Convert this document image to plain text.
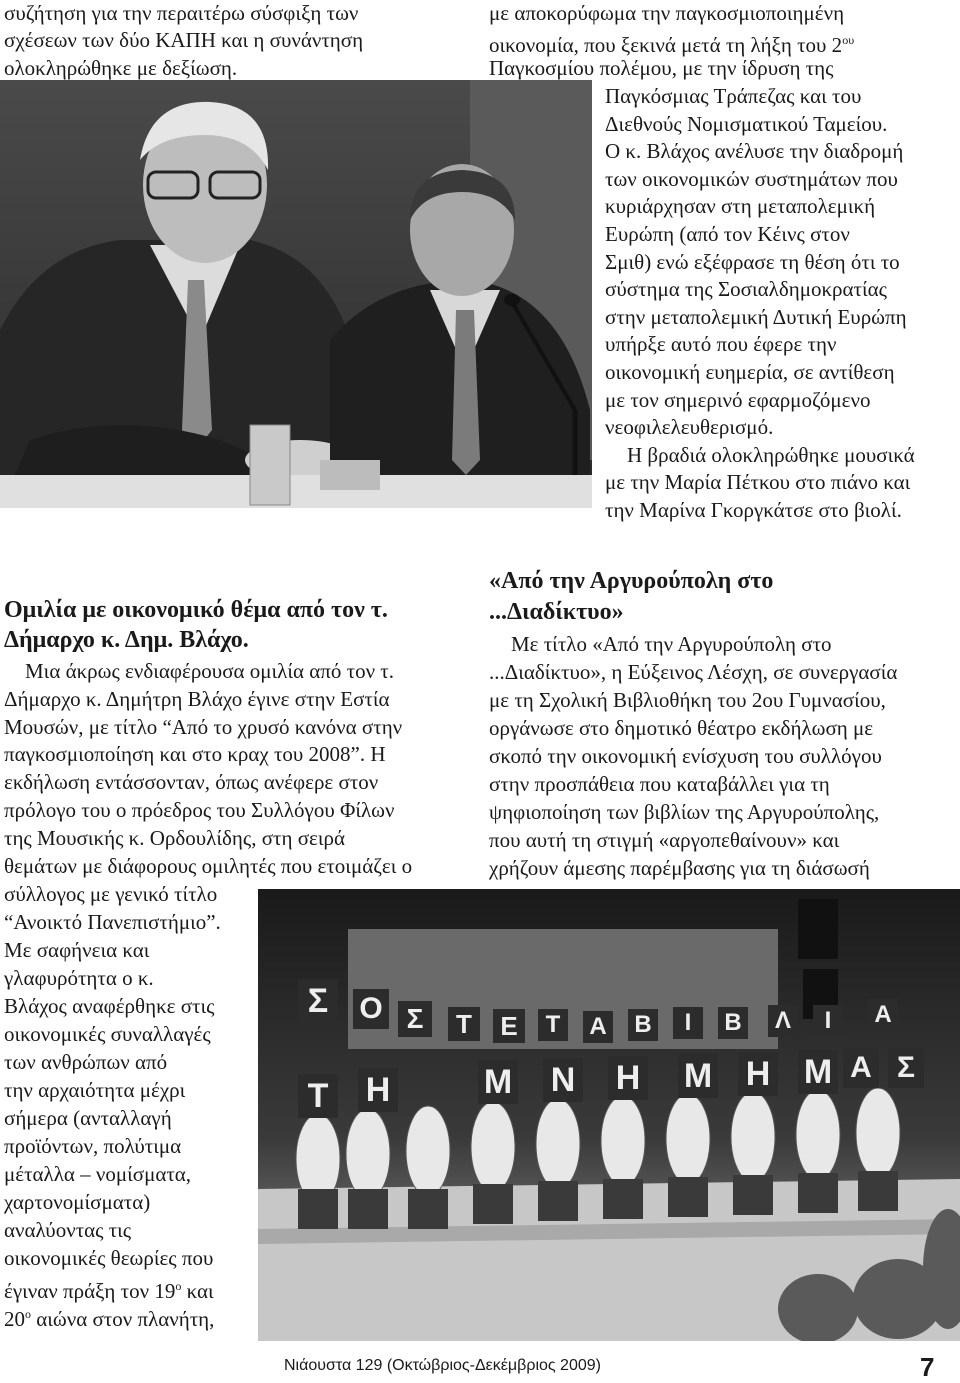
συζήτηση για την περαιτέρω σύσφιξη των
σχέσεων των δύο ΚΑΠΗ και η συνάντηση
ολοκληρώθηκε με δεξίωση.
με αποκορύφωμα την παγκοσμιοποιημένη
οικονομία, που ξεκινά μετά τη λήξη του $2^{o\upsilon}$
Παγκοσμίου πολέμου, με την ίδρυση της
Παγκόσμιας Τράπεζας και του
Διεθνούς Νομισματικού Ταμείου.
Ο κ. Βλάχος ανέλυσε την διαδρομή
των οικονομικών συστημάτων που
κυριάρχησαν στη μεταπολεμική
Ευρώπη (από τον Κέινς στον
Σμιθ) ενώ εξέφρασε τη θέση ότι το
σύστημα της Σοσιαλδημοκρατίας
στην μεταπολεμική Δυτική Ευρώπη
υπήρξε αυτό που έφερε την
οικονομική ευημερία, σε αντίθεση
με τον σημερινό εφαρμοζόμενο
νεοφιλελευθερισμό.
Η βραδιά ολοκληρώθηκε μουσικά
με την Μαρία Πέτκου στο πιάνο και
την Μαρίνα Γκοργκάτσε στο βιολί.
Ομιλία με οικονομικό θέμα από τον τ.
Δήμαρχο κ. Δημ. Βλάχο.
Μια άκρως ενδιαφέρουσα ομιλία από τον τ.
Δήμαρχο κ. Δημήτρη Βλάχο έγινε στην Εστία
Μουσών, με τίτλο “Από το χρυσό κανόνα στην
παγκοσμιοποίηση και στο κραχ του 2008”. Η
εκδήλωση εντάσσονταν, όπως ανέφερε στον
πρόλογο του ο πρόεδρος του Συλλόγου Φίλων
της Μουσικής κ. Ορδουλίδης, στη σειρά
θεμάτων με διάφορους ομιλητές που ετοιμάζει ο
σύλλογος με γενικό τίτλο
“Ανοικτό Πανεπιστήμιο”.
Με σαφήνεια και
γλαφυρότητα ο κ.
Βλάχος αναφέρθηκε στις
οικονομικές συναλλαγές
των ανθρώπων από
την αρχαιότητα μέχρι
σήμερα (ανταλλαγή
προϊόντων, πολύτιμα
μέταλλα – νομίσματα,
χαρτονομίσματα)
αναλύοντας τις
οικονομικές θεωρίες που
έγιναν πράξη τον $19^o$ και
$20^o$ αιώνα στον πλανήτη,
«Από την Αργυρούπολη στο
...Διαδίκτυο»
Με τίτλο «Από την Αργυρούπολη στο
...Διαδίκτυο», η Εύξεινος Λέσχη, σε συνεργασία
με τη Σχολική Βιβλιοθήκη του 2ου Γυμνασίου,
οργάνωσε στο δημοτικό θέατρο εκδήλωση με
σκοπό την οικονομική ενίσχυση του συλλόγου
στην προσπάθεια που καταβάλλει για τη
ψηφιοποίηση των βιβλίων της Αργυρούπολης,
που αυτή τη στιγμή «αργοπεθαίνουν» και
χρήζουν άμεσης παρέμβασης για τη διάσωσή
Σ	Ο Σ	Τ	Ε	Τ	Α Β	Ι	Β Λ	Ι	Α
Τ Η	Μ Ν Η Μ Η Μ Α Σ
Νιάουστα 129 (Οκτώβριος-Δεκέμβριος 2009)	7
